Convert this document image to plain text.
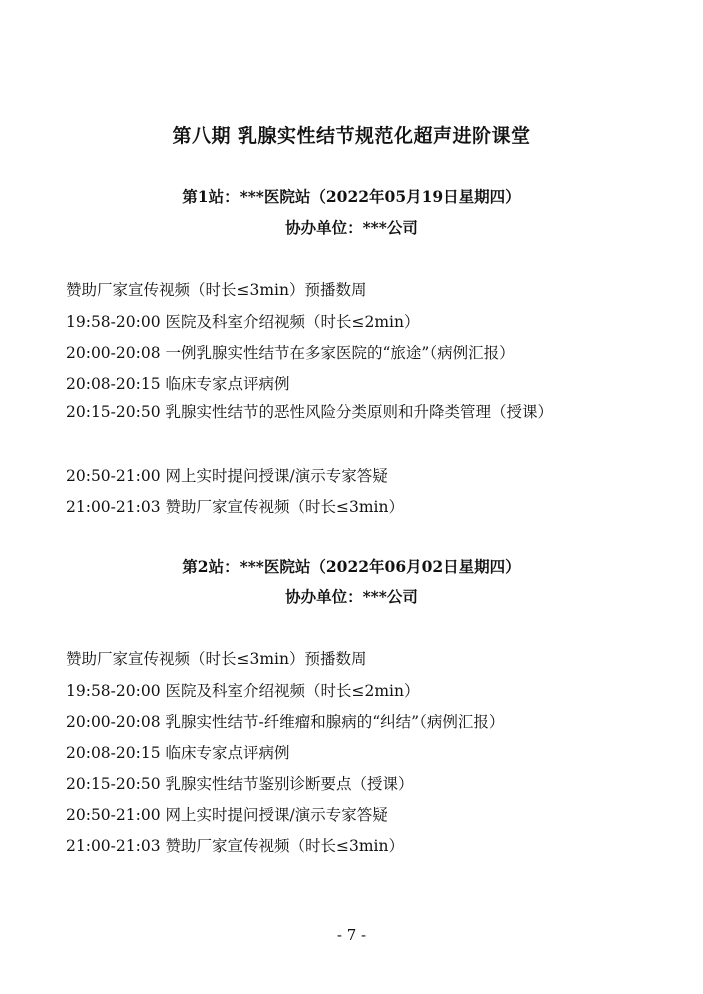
第八期 乳腺实性结节规范化超声进阶课堂
第1站：***医院站（2022年05月19日星期四）
协办单位：***公司
赞助厂家宣传视频（时长≤3min）预播数周
19:58-20:00 医院及科室介绍视频（时长≤2min）
20:00-20:08 一例乳腺实性结节在多家医院的“旅途”（病例汇报）
20:08-20:15 临床专家点评病例
20:15-20:50 乳腺实性结节的恶性风险分类原则和升降类管理（授课）
20:50-21:00 网上实时提问授课/演示专家答疑
21:00-21:03 赞助厂家宣传视频（时长≤3min）
第2站：***医院站（2022年06月02日星期四）
协办单位：***公司
赞助厂家宣传视频（时长≤3min）预播数周
19:58-20:00 医院及科室介绍视频（时长≤2min）
20:00-20:08 乳腺实性结节-纤维瘤和腺病的“纠结”（病例汇报）
20:08-20:15 临床专家点评病例
20:15-20:50 乳腺实性结节鉴别诊断要点（授课）
20:50-21:00 网上实时提问授课/演示专家答疑
21:00-21:03 赞助厂家宣传视频（时长≤3min）
- 7 -
